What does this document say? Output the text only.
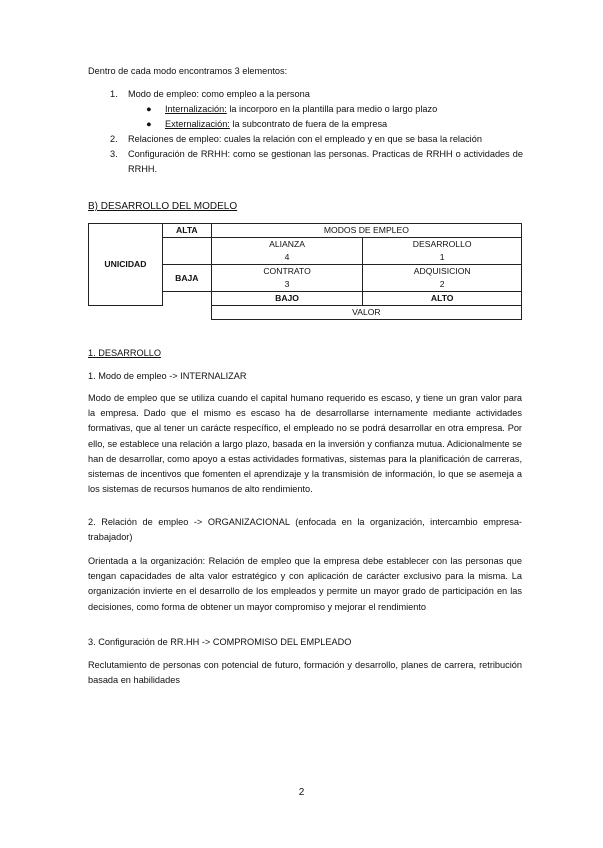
Dentro de cada modo encontramos 3 elementos:

1. Modo de empleo: como empleo a la persona
● Internalización: la incorporo en la plantilla para medio o largo plazo
● Externalización: la subcontrato de fuera de la empresa
2. Relaciones de empleo: cuales la relación con el empleado y en que se basa la relación
3. Configuración de RRHH: como se gestionan las personas. Practicas de RRHH o actividades de RRHH.

B) DESARROLLO DEL MODELO

UNICIDAD	ALTA	MODOS DE EMPLEO	
		ALIANZA	DESARROLLO
		4	1
	BAJA	CONTRATO	ADQUISICION
		3	2
		BAJO	ALTO
		VALOR	

1. DESARROLLO

1. Modo de empleo -> INTERNALIZAR

Modo de empleo que se utiliza cuando el capital humano requerido es escaso, y tiene un gran valor para la empresa. Dado que el mismo es escaso ha de desarrollarse internamente mediante actividades formativas, que al tener un carácte respecífico, el empleado no se podrá desarrollar en otra empresa. Por ello, se establece una relación a largo plazo, basada en la inversión y confianza mutua. Adicionalmente se han de desarrollar, como apoyo a estas actividades formativas, sistemas para la planificación de carreras, sistemas de incentivos que fomenten el aprendizaje y la transmisión de información, lo que se asemeja a los sistemas de recursos humanos de alto rendimiento.

2. Relación de empleo -> ORGANIZACIONAL (enfocada en la organización, intercambio empresa-trabajador)

Orientada a la organización: Relación de empleo que la empresa debe establecer con las personas que tengan capacidades de alta valor estratégico y con aplicación de carácter exclusivo para la misma. La organización invierte en el desarrollo de los empleados y permite un mayor grado de participación en las decisiones, como forma de obtener un mayor compromiso y mejorar el rendimiento

3. Configuración de RR.HH -> COMPROMISO DEL EMPLEADO

Reclutamiento de personas con potencial de futuro, formación y desarrollo, planes de carrera, retribución basada en habilidades

2
